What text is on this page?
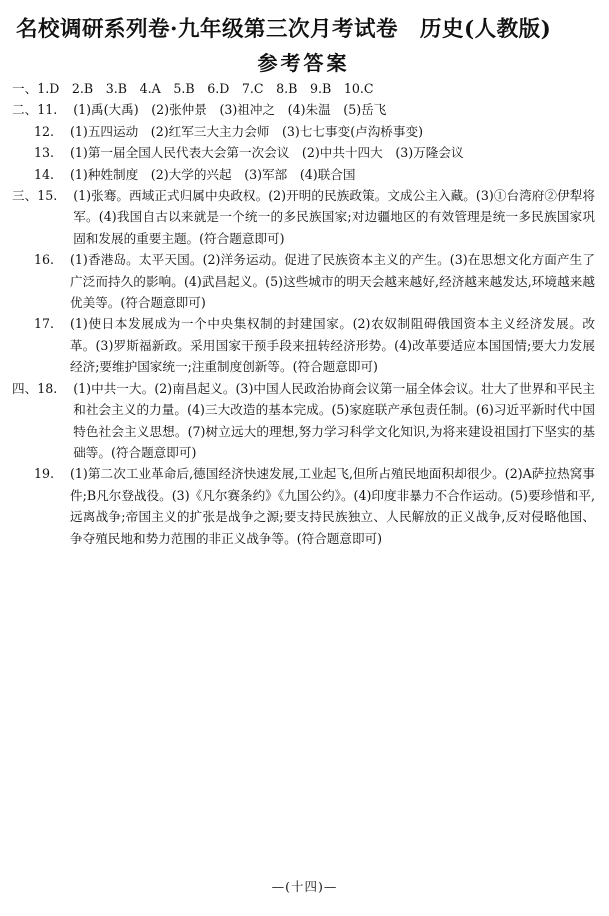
名校调研系列卷·九年级第三次月考试卷　历史(人教版)
参考答案
一、 1.D　2.B　3.B　4.A　5.B　6.D　7.C　8.B　9.B　10.C
二、 11.	(1)禹(大禹)　(2)张仲景　(3)祖冲之　(4)朱温　(5)岳飞
12.	(1)五四运动　(2)红军三大主力会师　(3)七七事变(卢沟桥事变)
13.	(1)第一届全国人民代表大会第一次会议　(2)中共十四大　(3)万隆会议
14.	(1)种姓制度　(2)大学的兴起　(3)军部　(4)联合国
三、 15.	(1)张骞。西域正式归属中央政权。(2)开明的民族政策。文成公主入藏。(3)①台湾府②伊犁将军。(4)我国自古以来就是一个统一的多民族国家;对边疆地区的有效管理是统一多民族国家巩固和发展的重要主题。(符合题意即可)
16.	(1)香港岛。太平天国。(2)洋务运动。促进了民族资本主义的产生。(3)在思想文化方面产生了广泛而持久的影响。(4)武昌起义。(5)这些城市的明天会越来越好,经济越来越发达,环境越来越优美等。(符合题意即可)
17.	(1)使日本发展成为一个中央集权制的封建国家。(2)农奴制阻碍俄国资本主义经济发展。改革。(3)罗斯福新政。采用国家干预手段来扭转经济形势。(4)改革要适应本国国情;要大力发展经济;要维护国家统一;注重制度创新等。(符合题意即可)
四、 18.	(1)中共一大。(2)南昌起义。(3)中国人民政治协商会议第一届全体会议。壮大了世界和平民主和社会主义的力量。(4)三大改造的基本完成。(5)家庭联产承包责任制。(6)习近平新时代中国特色社会主义思想。(7)树立远大的理想,努力学习科学文化知识,为将来建设祖国打下坚实的基础等。(符合题意即可)
19.	(1)第二次工业革命后,德国经济快速发展,工业起飞,但所占殖民地面积却很少。(2)A萨拉热窝事件;B凡尔登战役。(3)《凡尔赛条约》《九国公约》。(4)印度非暴力不合作运动。(5)要珍惜和平,远离战争;帝国主义的扩张是战争之源;要支持民族独立、人民解放的正义战争,反对侵略他国、争夺殖民地和势力范围的非正义战争等。(符合题意即可)
—(十四)—
